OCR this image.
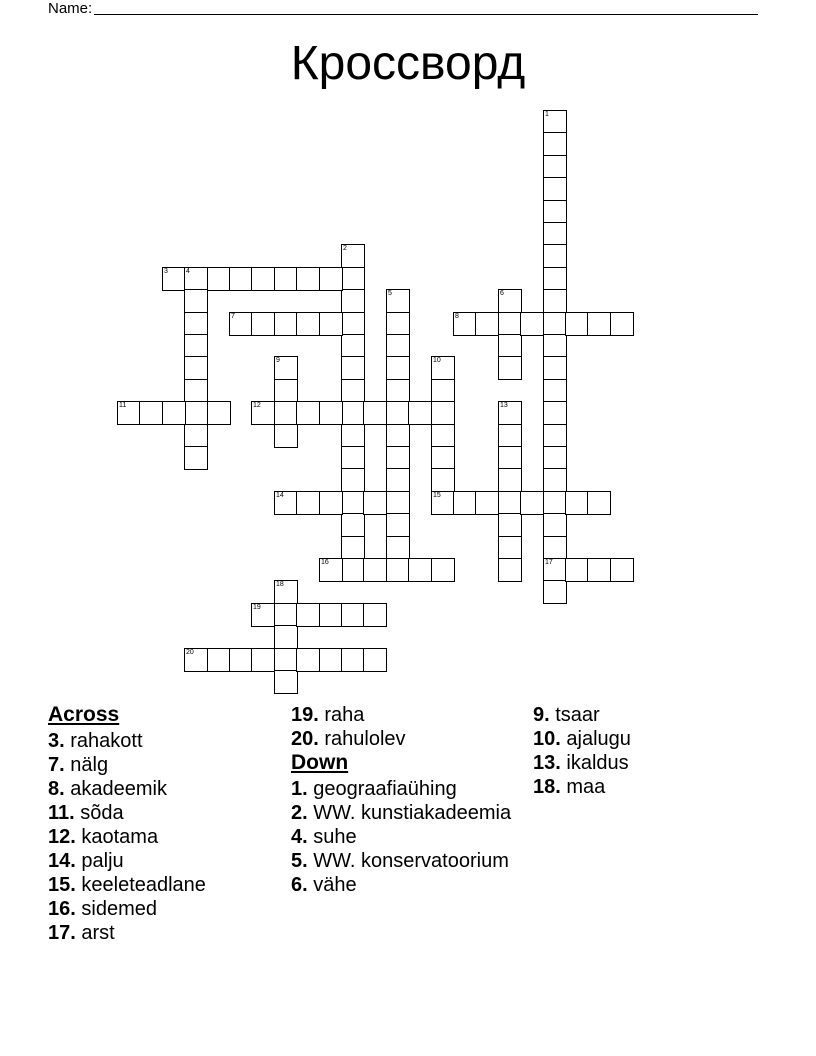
Name:
Кроссворд
1
17
2
3	4
5	6
7	8
9	10
11	12	13
14	15
16
18
19
20
Across
3. rahakott
7. nälg
8. akadeemik
11. sõda
12. kaotama
14. palju
15. keeleteadlane
16. sidemed
17. arst
19. raha
20. rahulolev
Down
1. geograafiaühing
2. WW. kunstiakadeemia
4. suhe
5. WW. konservatoorium
6. vähe
9. tsaar
10. ajalugu
13. ikaldus
18. maa
